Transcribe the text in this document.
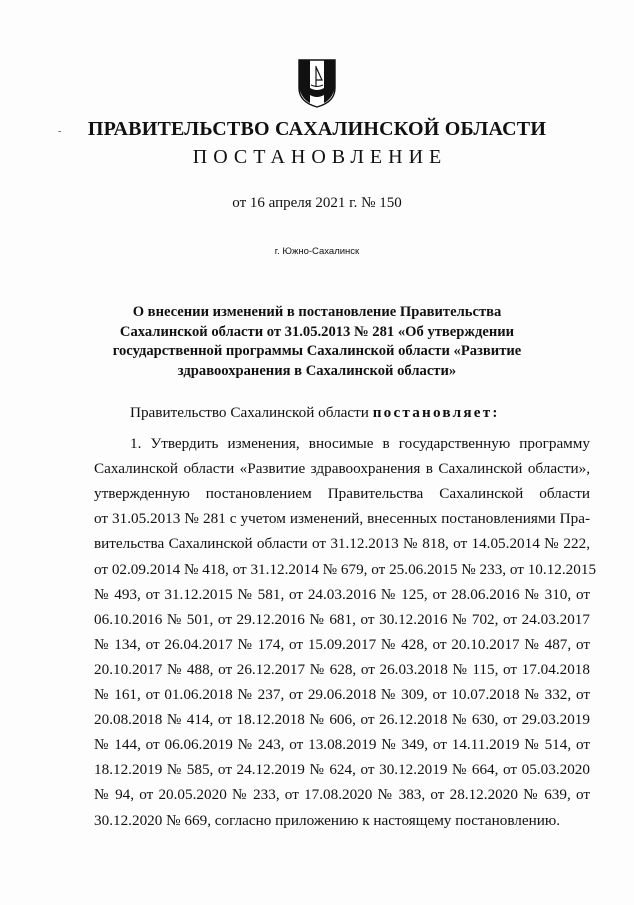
-	ПРАВИТЕЛЬСТВО САХАЛИНСКОЙ ОБЛАСТИ
ПОСТАНОВЛЕНИЕ
от 16 апреля 2021 г. № 150
г. Южно-Сахалинск
О внесении изменений в постановление Правительства Сахалинской области от 31.05.2013 № 281 «Об утверждении государственной программы Сахалинской области «Развитие здравоохранения в Сахалинской области»
Правительство Сахалинской области постановляет:
1. Утвердить изменения, вносимые в государственную программу
Сахалинской области «Развитие здравоохранения в Сахалинской области»,
утвержденную постановлением Правительства Сахалинской области
от 31.05.2013 № 281 с учетом изменений, внесенных постановлениями Пра-
вительства Сахалинской области от 31.12.2013 № 818, от 14.05.2014 № 222,
от 02.09.2014 № 418, от 31.12.2014 № 679, от 25.06.2015 № 233, от 10.12.2015
№ 493, от 31.12.2015 № 581, от 24.03.2016 № 125, от 28.06.2016 № 310, от
06.10.2016 № 501, от 29.12.2016 № 681, от 30.12.2016 № 702, от 24.03.2017
№ 134, от 26.04.2017 № 174, от 15.09.2017 № 428, от 20.10.2017 № 487, от
20.10.2017 № 488, от 26.12.2017 № 628, от 26.03.2018 № 115, от 17.04.2018
№ 161, от 01.06.2018 № 237, от 29.06.2018 № 309, от 10.07.2018 № 332, от
20.08.2018 № 414, от 18.12.2018 № 606, от 26.12.2018 № 630, от 29.03.2019
№ 144, от 06.06.2019 № 243, от 13.08.2019 № 349, от 14.11.2019 № 514, от
18.12.2019 № 585, от 24.12.2019 № 624, от 30.12.2019 № 664, от 05.03.2020
№ 94, от 20.05.2020 № 233, от 17.08.2020 № 383, от 28.12.2020 № 639, от
30.12.2020 № 669, согласно приложению к настоящему постановлению.
